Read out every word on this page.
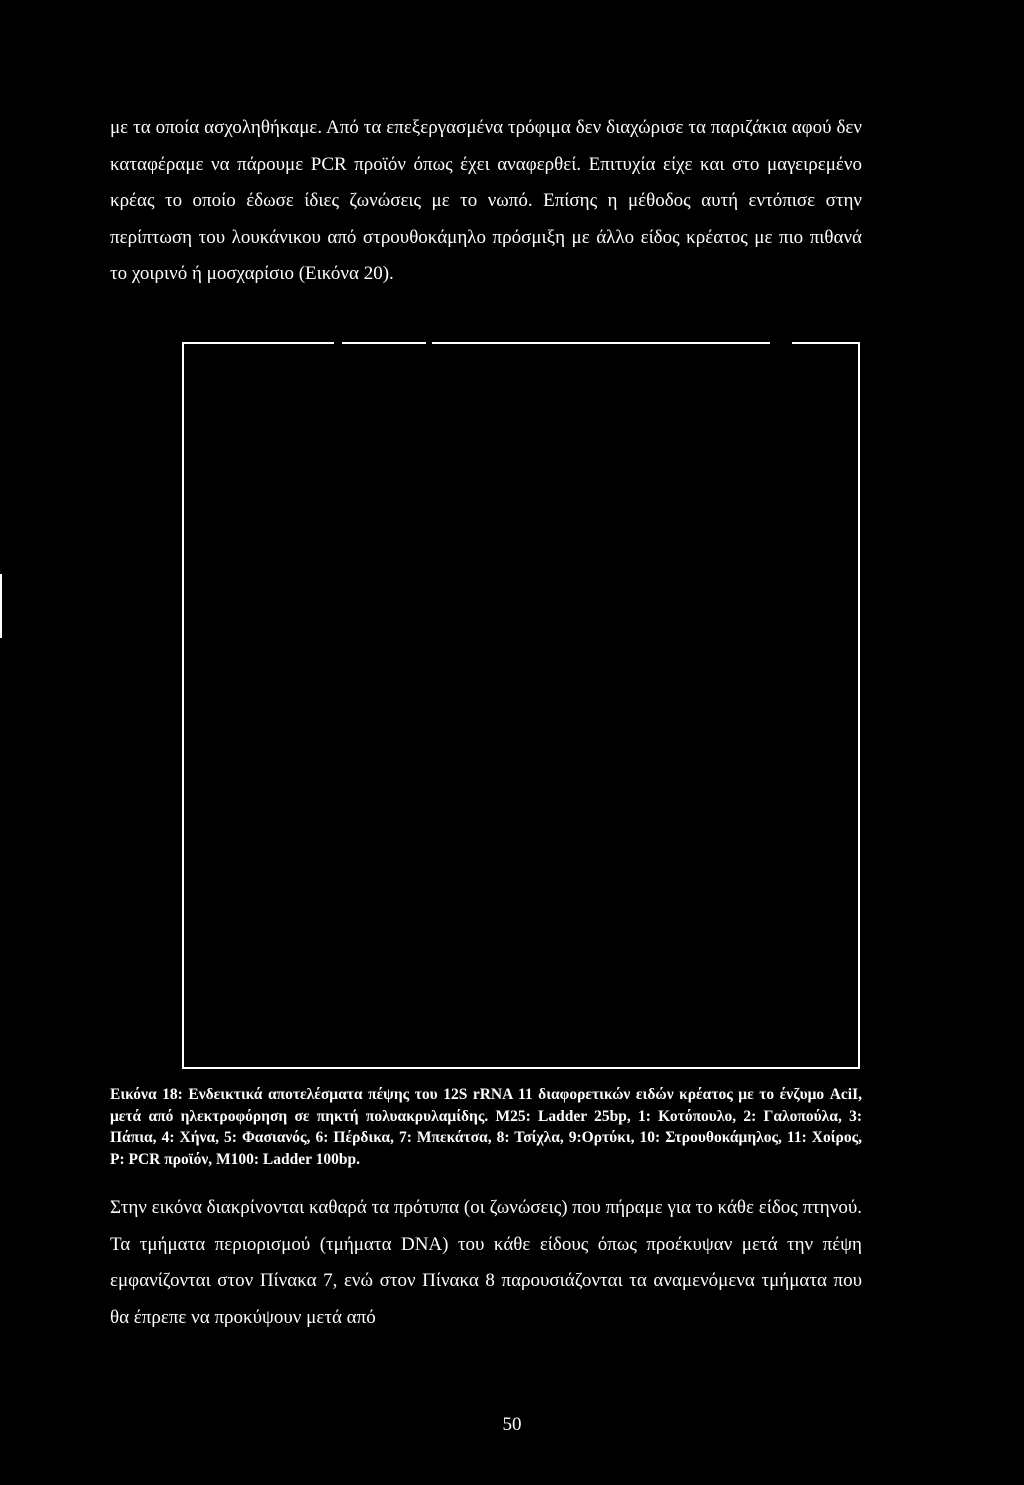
με τα οποία ασχοληθήκαμε. Από τα επεξεργασμένα τρόφιμα δεν διαχώρισε τα παριζάκια αφού δεν καταφέραμε να πάρουμε PCR προϊόν όπως έχει αναφερθεί. Επιτυχία είχε και στο μαγειρεμένο κρέας το οποίο έδωσε ίδιες ζωνώσεις με το νωπό. Επίσης η μέθοδος αυτή εντόπισε στην περίπτωση του λουκάνικου από στρουθοκάμηλο πρόσμιξη με άλλο είδος κρέατος με πιο πιθανά το χοιρινό ή μοσχαρίσιο (Εικόνα 20).

Εικόνα 18: Ενδεικτικά αποτελέσματα πέψης του 12S rRNA 11 διαφορετικών ειδών κρέατος με το ένζυμο AciI, μετά από ηλεκτροφόρηση σε πηκτή πολυακρυλαμίδης. M25: Ladder 25bp, 1: Κοτόπουλο, 2: Γαλοπούλα, 3: Πάπια, 4: Χήνα, 5: Φασιανός, 6: Πέρδικα, 7: Μπεκάτσα, 8: Τσίχλα, 9:Ορτύκι, 10: Στρουθοκάμηλος, 11: Χοίρος, P: PCR προϊόν, M100: Ladder 100bp.

Στην εικόνα διακρίνονται καθαρά τα πρότυπα (οι ζωνώσεις) που πήραμε για το κάθε είδος πτηνού. Τα τμήματα περιορισμού (τμήματα DNA) του κάθε είδους όπως προέκυψαν μετά την πέψη εμφανίζονται στον Πίνακα 7, ενώ στον Πίνακα 8 παρουσιάζονται τα αναμενόμενα τμήματα που θα έπρεπε να προκύψουν μετά από

50
